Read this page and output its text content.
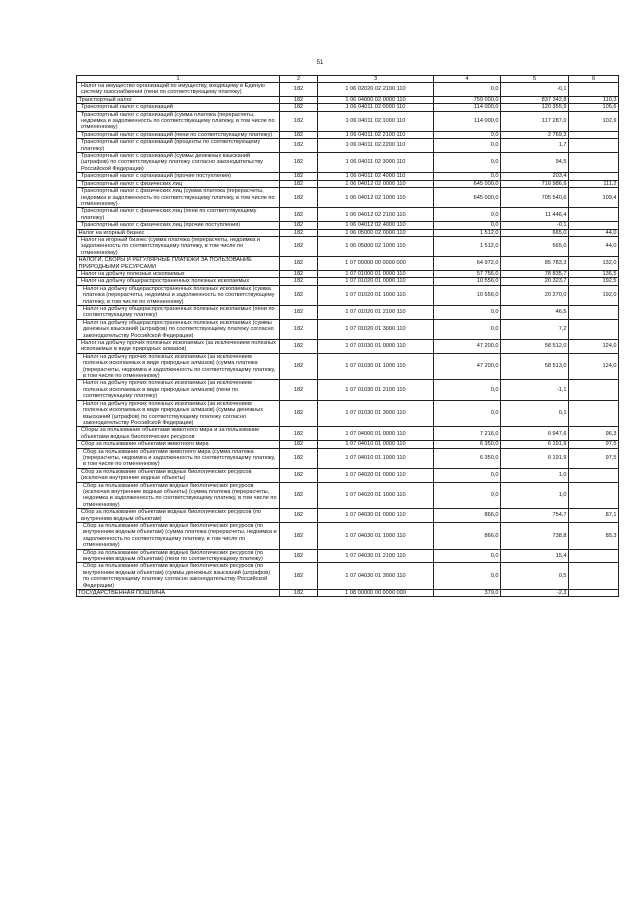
51
1	2	3	4	5	6
Налог на имущество организаций по имуществу, входящему в Единую систему газоснабжения (пени по соответствующему платежу)	182	1 06 02020 02 2100 110	0,0	-0,1	
Транспортный налог	182	1 06 04000 02 0000 110	759 000,0	837 342,8	110,3
Транспортный налог с организаций	182	1 06 04011 02 0000 110	114 000,0	120 355,9	105,6
Транспортный налог с организаций (сумма платежа (перерасчеты, недоимка и задолженность по соответствующему платежу, в том числе по отмененному)	182	1 06 04011 02 1000 110	114 000,0	117 287,0	102,9
Транспортный налог с организаций (пени по соответствующему платежу)	182	1 06 04011 02 2100 110	0,0	2 769,3	
Транспортный налог с организаций (проценты по соответствующему платежу)	182	1 06 04011 02 2200 110	0,0	1,7	
Транспортный налог с организаций (суммы денежных взысканий (штрафов) по соответствующему платежу согласно законодательству Российской Федерации)	182	1 06 04011 02 3000 110	0,0	94,5	
Транспортный налог с организаций (прочие поступления)	182	1 06 04011 02 4000 110	0,0	203,4	
Транспортный налог с физических лиц	182	1 06 04012 02 0000 110	645 000,0	716 986,9	111,2
Транспортный налог с физических лиц (сумма платежа (перерасчеты, недоимка и задолженность по соответствующему платежу, в том числе по отмененному)	182	1 06 04012 02 1000 110	645 000,0	705 540,6	109,4
Транспортный налог с физических лиц (пени по соответствующему платежу)	182	1 06 04012 02 2100 110	0,0	11 446,4	
Транспортный налог с физических лиц (прочие поступления)	182	1 06 04012 02 4000 110	0,0	-0,1	
Налог на игорный бизнес	182	1 06 05000 02 0000 110	1 512,0	665,0	44,0
Налог на игорный бизнес (сумма платежа (перерасчеты, недоимка и задолженность по соответствующему платежу, в том числе по отмененному)	182	1 06 05000 02 1000 110	1 512,0	665,0	44,0
НАЛОГИ, СБОРЫ И РЕГУЛЯРНЫЕ ПЛАТЕЖИ ЗА ПОЛЬЗОВАНИЕ ПРИРОДНЫМИ РЕСУРСАМИ	182	1 07 00000 00 0000 000	64 972,0	85 783,3	132,0
Налог на добычу полезных ископаемых	182	1 07 01000 01 0000 110	57 756,0	78 835,7	136,5
Налог на добычу общераспространенных полезных ископаемых	182	1 07 01020 01 0000 110	10 556,0	20 323,7	192,5
Налог на добычу общераспространенных полезных ископаемых (сумма платежа (перерасчеты, недоимка и задолженность по соответствующему платежу, в том числе по отмененному)	182	1 07 01020 01 1000 110	10 556,0	20 270,0	192,0
Налог на добычу общераспространенных полезных ископаемых (пени по соответствующему платежу)	182	1 07 01020 01 2100 110	0,0	46,5	
Налог на добычу общераспространенных полезных ископаемых (суммы денежных взысканий (штрафов) по соответствующему платежу согласно законодательству Российской Федерации)	182	1 07 01020 01 3000 110	0,0	7,2	
Налог на добычу прочих полезных ископаемых (за исключением полезных ископаемых в виде природных алмазов)	182	1 07 01030 01 0000 110	47 200,0	58 512,0	124,0
Налог на добычу прочих полезных ископаемых (за исключением полезных ископаемых в виде природных алмазов) (сумма платежа (перерасчеты, недоимка и задолженность по соответствующему платежу, в том числе по отмененному)	182	1 07 01030 01 1000 110	47 200,0	58 513,0	124,0
Налог на добычу прочих полезных ископаемых (за исключением полезных ископаемых в виде природных алмазов) (пени по соответствующему платежу)	182	1 07 01030 01 2100 110	0,0	-1,1	
Налог на добычу прочих полезных ископаемых (за исключением полезных ископаемых в виде природных алмазов) (суммы денежных взысканий (штрафов) по соответствующему платежу согласно законодательству Российской Федерации)	182	1 07 01030 01 3000 110	0,0	0,1	
Сборы за пользование объектами животного мира и за пользование объектами водных биологических ресурсов	182	1 07 04000 01 0000 110	7 216,0	6 947,6	96,3
Сбор за пользование объектами животного мира	182	1 07 04010 01 0000 110	6 350,0	6 191,9	97,5
Сбор за пользование объектами животного мира (сумма платежа (перерасчеты, недоимка и задолженность по соответствующему платежу, в том числе по отмененному)	182	1 07 04010 01 1000 110	6 350,0	6 191,9	97,5
Сбор за пользование объектами водных биологических ресурсов (исключая внутренние водные объекты)	182	1 07 04020 01 0000 110	0,0	1,0	
Сбор за пользование объектами водных биологических ресурсов (исключая внутренние водные объекты) (сумма платежа (перерасчеты, недоимка и задолженность по соответствующему платежу, в том числе по отмененному)	182	1 07 04020 01 1000 110	0,0	1,0	
Сбор за пользование объектами водных биологических ресурсов (по внутренним водным объектам)	182	1 07 04030 01 0000 110	866,0	754,7	87,1
Сбор за пользование объектами водных биологических ресурсов (по внутренним водным объектам) (сумма платежа (перерасчеты, недоимка и задолженность по соответствующему платежу, в том числе по отмененному)	182	1 07 04030 01 1000 110	866,0	738,8	85,3
Сбор за пользование объектами водных биологических ресурсов (по внутренним водным объектам) (пени по соответствующему платежу)	182	1 07 04030 01 2100 110	0,0	15,4	
Сбор за пользование объектами водных биологических ресурсов (по внутренним водным объектам) (суммы денежных взысканий (штрафов) по соответствующему платежу согласно законодательству Российской Федерации)	182	1 07 04030 01 3000 110	0,0	0,5	
ГОСУДАРСТВЕННАЯ ПОШЛИНА	182	1 08 00000 00 0000 000	379,0	-2,3	
